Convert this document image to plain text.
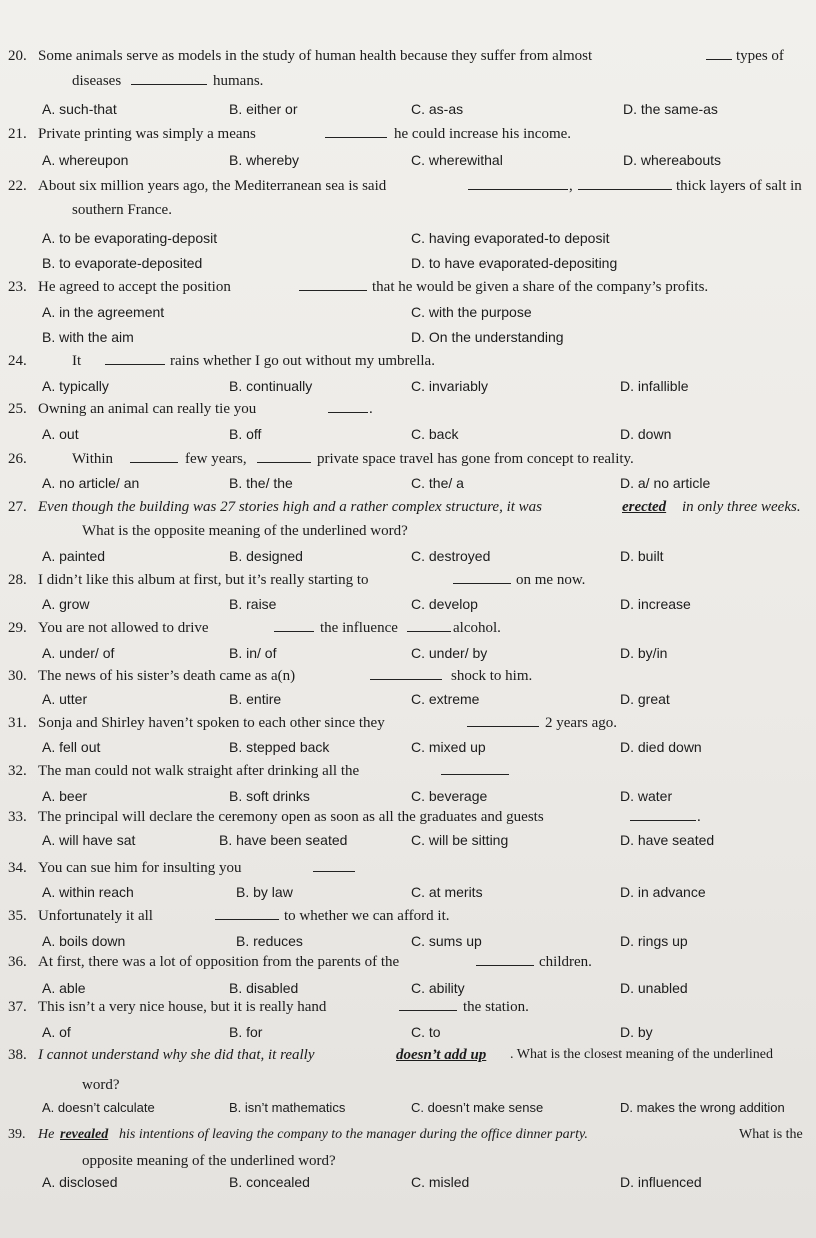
20. Some animals serve as models in the study of human health because they suffer from almost	types of
diseases	humans.
A. such-that	B. either or	C. as-as	D. the same-as
21. Private printing was simply a means	he could increase his income.
A. whereupon	B. whereby	C. wherewithal	D. whereabouts
22. About six million years ago, the Mediterranean sea is said	,	thick layers of salt in
southern France.
A. to be evaporating-deposit	C. having evaporated-to deposit
B. to evaporate-deposited	D. to have evaporated-depositing
23. He agreed to accept the position	that he would be given a share of the company’s profits.
A. in the agreement	C. with the purpose
B. with the aim	D. On the understanding
24.	It	rains whether I go out without my umbrella.
A. typically	B. continually	C. invariably	D. infallible
25. Owning an animal can really tie you	.
A. out	B. off	C. back	D. down
26.	Within	few years,	private space travel has gone from concept to reality.
A. no article/ an	B. the/ the	C. the/ a	D. a/ no article
27. Even though the building was 27 stories high and a rather complex structure, it was	erected in only three weeks.
What is the opposite meaning of the underlined word?
A. painted	B. designed	C. destroyed	D. built
28. I didn’t like this album at first, but it’s really starting to	on me now.
A. grow	B. raise	C. develop	D. increase
29. You are not allowed to drive	the influence	alcohol.
A. under/ of	B. in/ of	C. under/ by	D. by/in
30. The news of his sister’s death came as a(n)	shock to him.
A. utter	B. entire	C. extreme	D. great
31. Sonja and Shirley haven’t spoken to each other since they	2 years ago.
A. fell out	B. stepped back	C. mixed up	D. died down
32. The man could not walk straight after drinking all the
A. beer	B. soft drinks	C. beverage	D. water
33. The principal will declare the ceremony open as soon as all the graduates and guests	.
A. will have sat	B. have been seated	C. will be sitting	D. have seated
34. You can sue him for insulting you
A. within reach	B. by law	C. at merits	D. in advance
35. Unfortunately it all	to whether we can afford it.
A. boils down	B. reduces	C. sums up	D. rings up
36. At first, there was a lot of opposition from the parents of the	children.
A. able	B. disabled	C. ability	D. unabled
37. This isn’t a very nice house, but it is really hand	the station.
A. of	B. for	C. to	D. by
38. I cannot understand why she did that, it really	doesn’t add up . What is the closest meaning of the underlined
word?
A. doesn’t calculate	B. isn’t mathematics	C. doesn’t make sense	D. makes the wrong addition
39. He revealed his intentions of leaving the company to the manager during the office dinner party.	What is the
opposite meaning of the underlined word?
A. disclosed	B. concealed	C. misled	D. influenced
